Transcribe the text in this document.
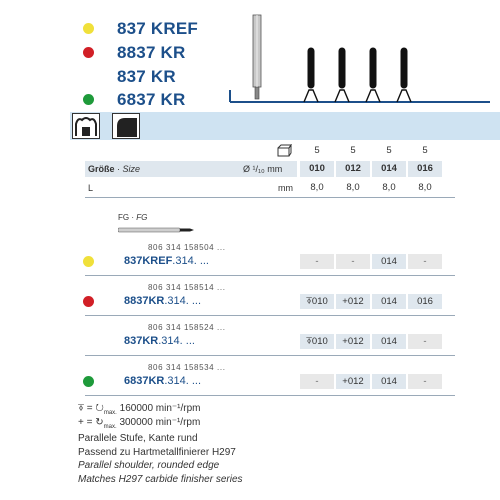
837 KREF
8837 KR
837 KR
6837 KR
5	5	5	5
Größe · Size	Ø ¹/₁₀ mm	010	012	014	016
L	mm	8,0	8,0	8,0	8,0
FG · FG
806 314 158504 ...
837KREF.314. ...	-	-	014	-
806 314 158514 ...
8837KR.314. ...	⍕010	+012	014	016
806 314 158524 ...
837KR.314. ...	⍕010	+012	014	-
806 314 158534 ...
6837KR.314. ...	-	+012	014	-
⍕ = $↻_{max.}$ 160000 min⁻¹/rpm
+ = $↻_{max.}$ 300000 min⁻¹/rpm
Parallele Stufe, Kante rund
Passend zu Hartmetallfinierer H297
Parallel shoulder, rounded edge
Matches H297 carbide finisher series
